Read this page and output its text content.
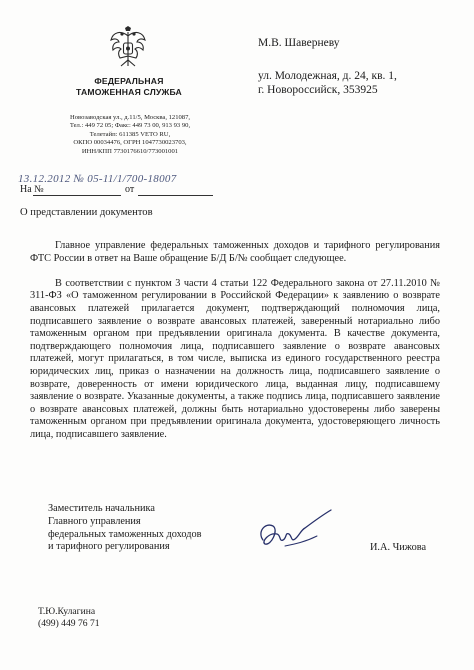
ФЕДЕРАЛЬНАЯ
ТАМОЖЕННАЯ СЛУЖБА
Новозаводская ул., д.11/5, Москва, 121087,
Тел.: 449 72 05; Факс: 449 73 00, 913 93 90,
Телетайп: 611385 VETO RU,
ОКПО 00034476, ОГРН 1047730023703,
ИНН/КПП 7730176610/773001001
13.12.2012 № 05-11/1/700-18007
На №	от
М.В. Шаверневу
ул. Молодежная, д. 24, кв. 1,
г. Новороссийск, 353925
О представлении документов

Главное управление федеральных таможенных доходов и тарифного регулирования ФТС России в ответ на Ваше обращение Б/Д Б/№ сообщает следующее.

В соответствии с пунктом 3 части 4 статьи 122 Федерального закона от 27.11.2010 № 311-ФЗ «О таможенном регулировании в Российской Федерации» к заявлению о возврате авансовых платежей прилагается документ, подтверждающий полномочия лица, подписавшего заявление о возврате авансовых платежей, заверенный нотариально либо таможенным органом при предъявлении оригинала документа. В качестве документа, подтверждающего полномочия лица, подписавшего заявление о возврате авансовых платежей, могут прилагаться, в том числе, выписка из единого государственного реестра юридических лиц, приказ о назначении на должность лица, подписавшего заявление о возврате, доверенность от имени юридического лица, выданная лицу, подписавшему заявление о возврате. Указанные документы, а также подпись лица, подписавшего заявление о возврате авансовых платежей, должны быть нотариально удостоверены либо заверены таможенным органом при предъявлении оригинала документа, удостоверяющего личность лица, подписавшего заявление.

Заместитель начальника
Главного управления
федеральных таможенных доходов
и тарифного регулирования	И.А. Чижова
Т.Ю.Кулагина
(499) 449 76 71
